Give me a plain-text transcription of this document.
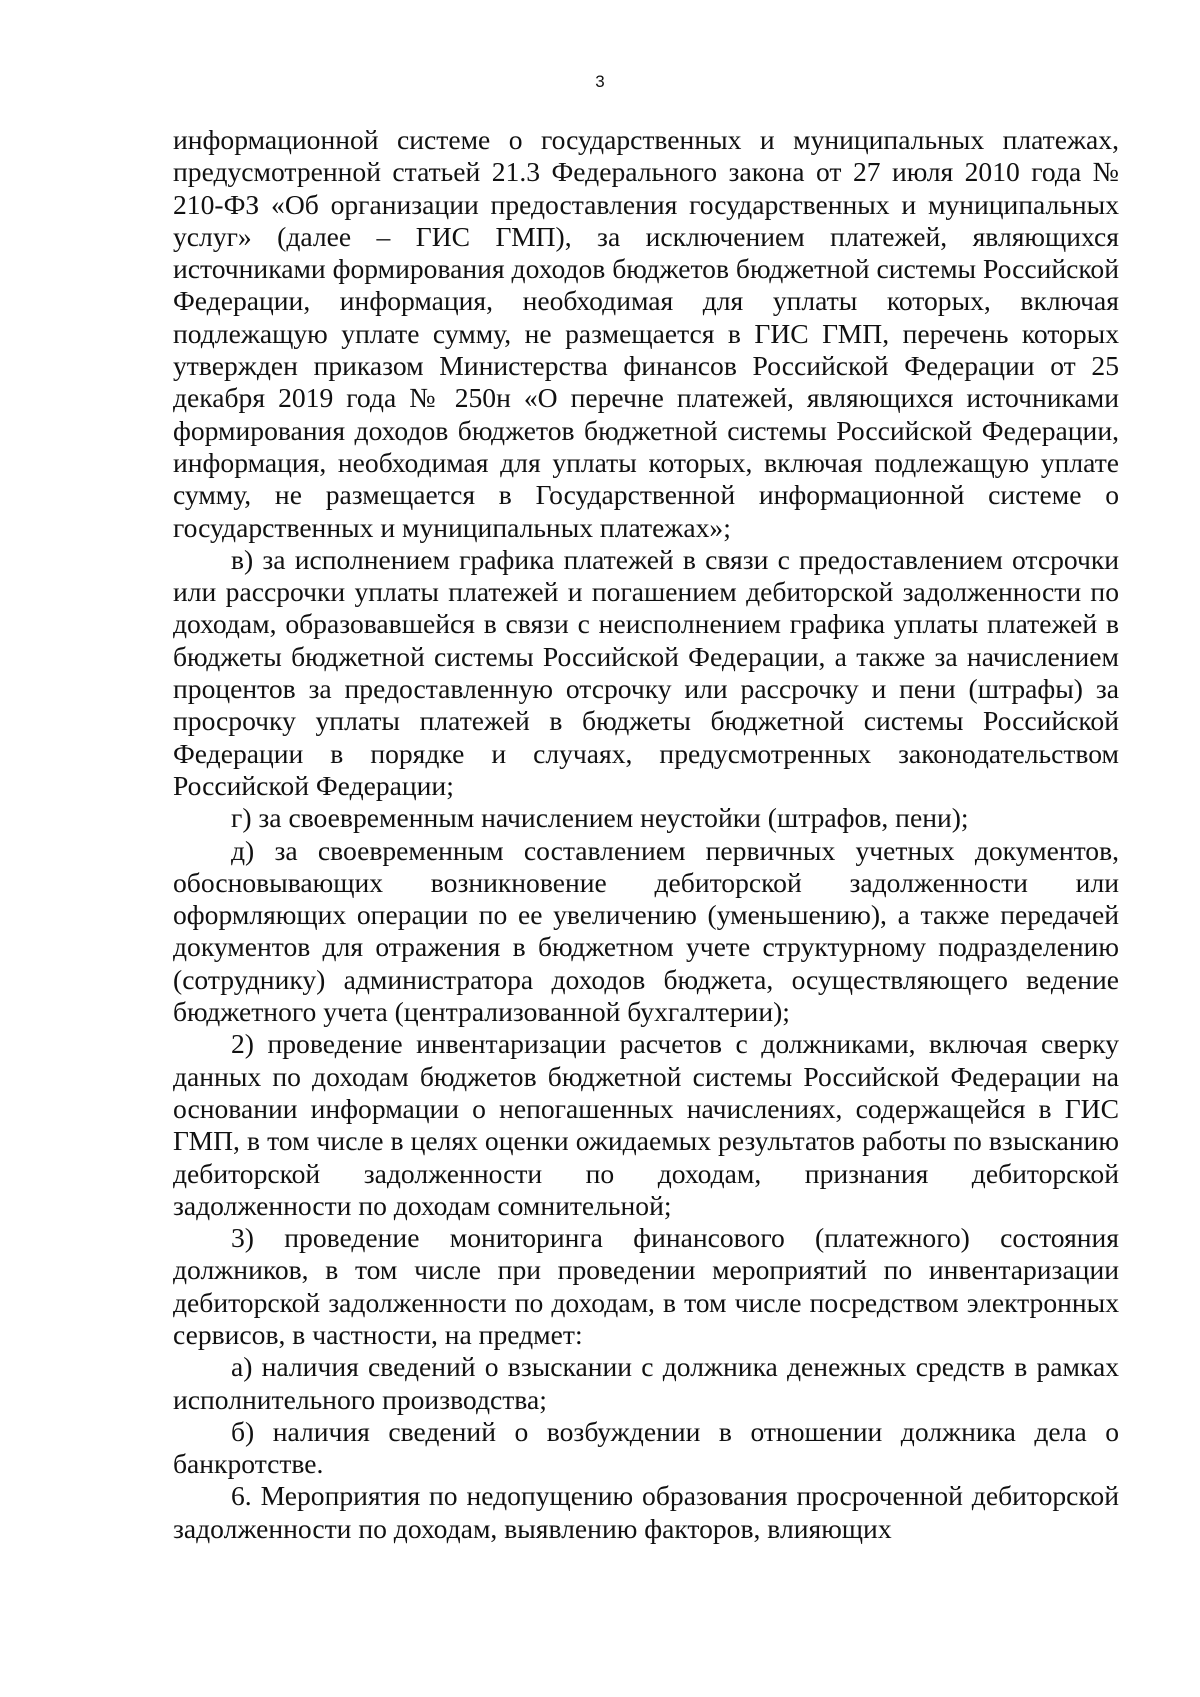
3

информационной системе о государственных и муниципальных платежах, предусмотренной статьей 21.3 Федерального закона от 27 июля 2010 года № 210-ФЗ «Об организации предоставления государственных и муниципальных услуг» (далее – ГИС ГМП), за исключением платежей, являющихся источниками формирования доходов бюджетов бюджетной системы Российской Федерации, информация, необходимая для уплаты которых, включая подлежащую уплате сумму, не размещается в ГИС ГМП, перечень которых утвержден приказом Министерства финансов Российской Федерации от 25 декабря 2019 года № 250н «О перечне платежей, являющихся источниками формирования доходов бюджетов бюджетной системы Российской Федерации, информация, необходимая для уплаты которых, включая подлежащую уплате сумму, не размещается в Государственной информационной системе о государственных и муниципальных платежах»;

в) за исполнением графика платежей в связи с предоставлением отсрочки или рассрочки уплаты платежей и погашением дебиторской задолженности по доходам, образовавшейся в связи с неисполнением графика уплаты платежей в бюджеты бюджетной системы Российской Федерации, а также за начислением процентов за предоставленную отсрочку или рассрочку и пени (штрафы) за просрочку уплаты платежей в бюджеты бюджетной системы Российской Федерации в порядке и случаях, предусмотренных законодательством Российской Федерации;

г) за своевременным начислением неустойки (штрафов, пени);

д) за своевременным составлением первичных учетных документов, обосновывающих возникновение дебиторской задолженности или оформляющих операции по ее увеличению (уменьшению), а также передачей документов для отражения в бюджетном учете структурному подразделению (сотруднику) администратора доходов бюджета, осуществляющего ведение бюджетного учета (централизованной бухгалтерии);

2) проведение инвентаризации расчетов с должниками, включая сверку данных по доходам бюджетов бюджетной системы Российской Федерации на основании информации о непогашенных начислениях, содержащейся в ГИС ГМП, в том числе в целях оценки ожидаемых результатов работы по взысканию дебиторской задолженности по доходам, признания дебиторской задолженности по доходам сомнительной;

3) проведение мониторинга финансового (платежного) состояния должников, в том числе при проведении мероприятий по инвентаризации дебиторской задолженности по доходам, в том числе посредством электронных сервисов, в частности, на предмет:

а) наличия сведений о взыскании с должника денежных средств в рамках исполнительного производства;

б) наличия сведений о возбуждении в отношении должника дела о банкротстве.

6. Мероприятия по недопущению образования просроченной дебиторской задолженности по доходам, выявлению факторов, влияющих
